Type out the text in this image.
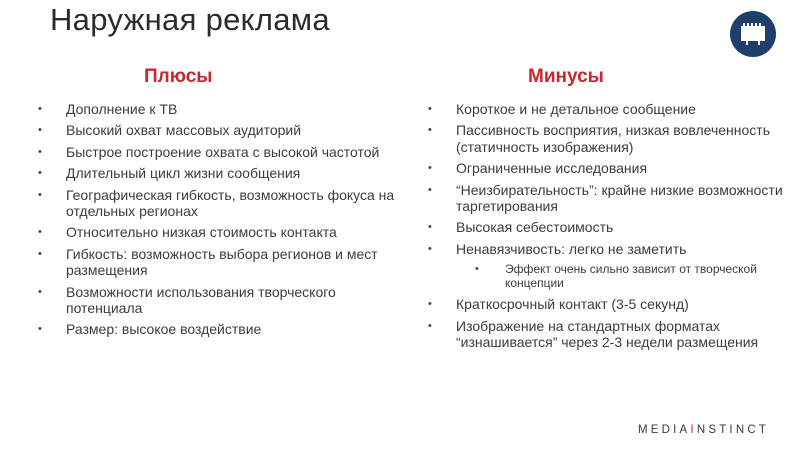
Наружная реклама
Плюсы	Минусы
• Дополнение к ТВ
• Высокий охват массовых аудиторий
• Быстрое построение охвата с высокой частотой
• Длительный цикл жизни сообщения
• Географическая гибкость, возможность фокуса на отдельных регионах
• Относительно низкая стоимость контакта
• Гибкость: возможность выбора регионов и мест размещения
• Возможности использования творческого потенциала
• Размер: высокое воздействие
• Короткое и не детальное сообщение
• Пассивность восприятия, низкая вовлеченность (статичность изображения)
• Ограниченные исследования
• “Неизбирательность”: крайне низкие возможности таргетирования
• Высокая себестоимость
• Ненавязчивость: легко не заметить
• Эффект очень сильно зависит от творческой концепции
• Краткосрочный контакт (3-5 секунд)
• Изображение на стандартных форматах “изнашивается” через 2-3 недели размещения
MEDIAINSTINCT
